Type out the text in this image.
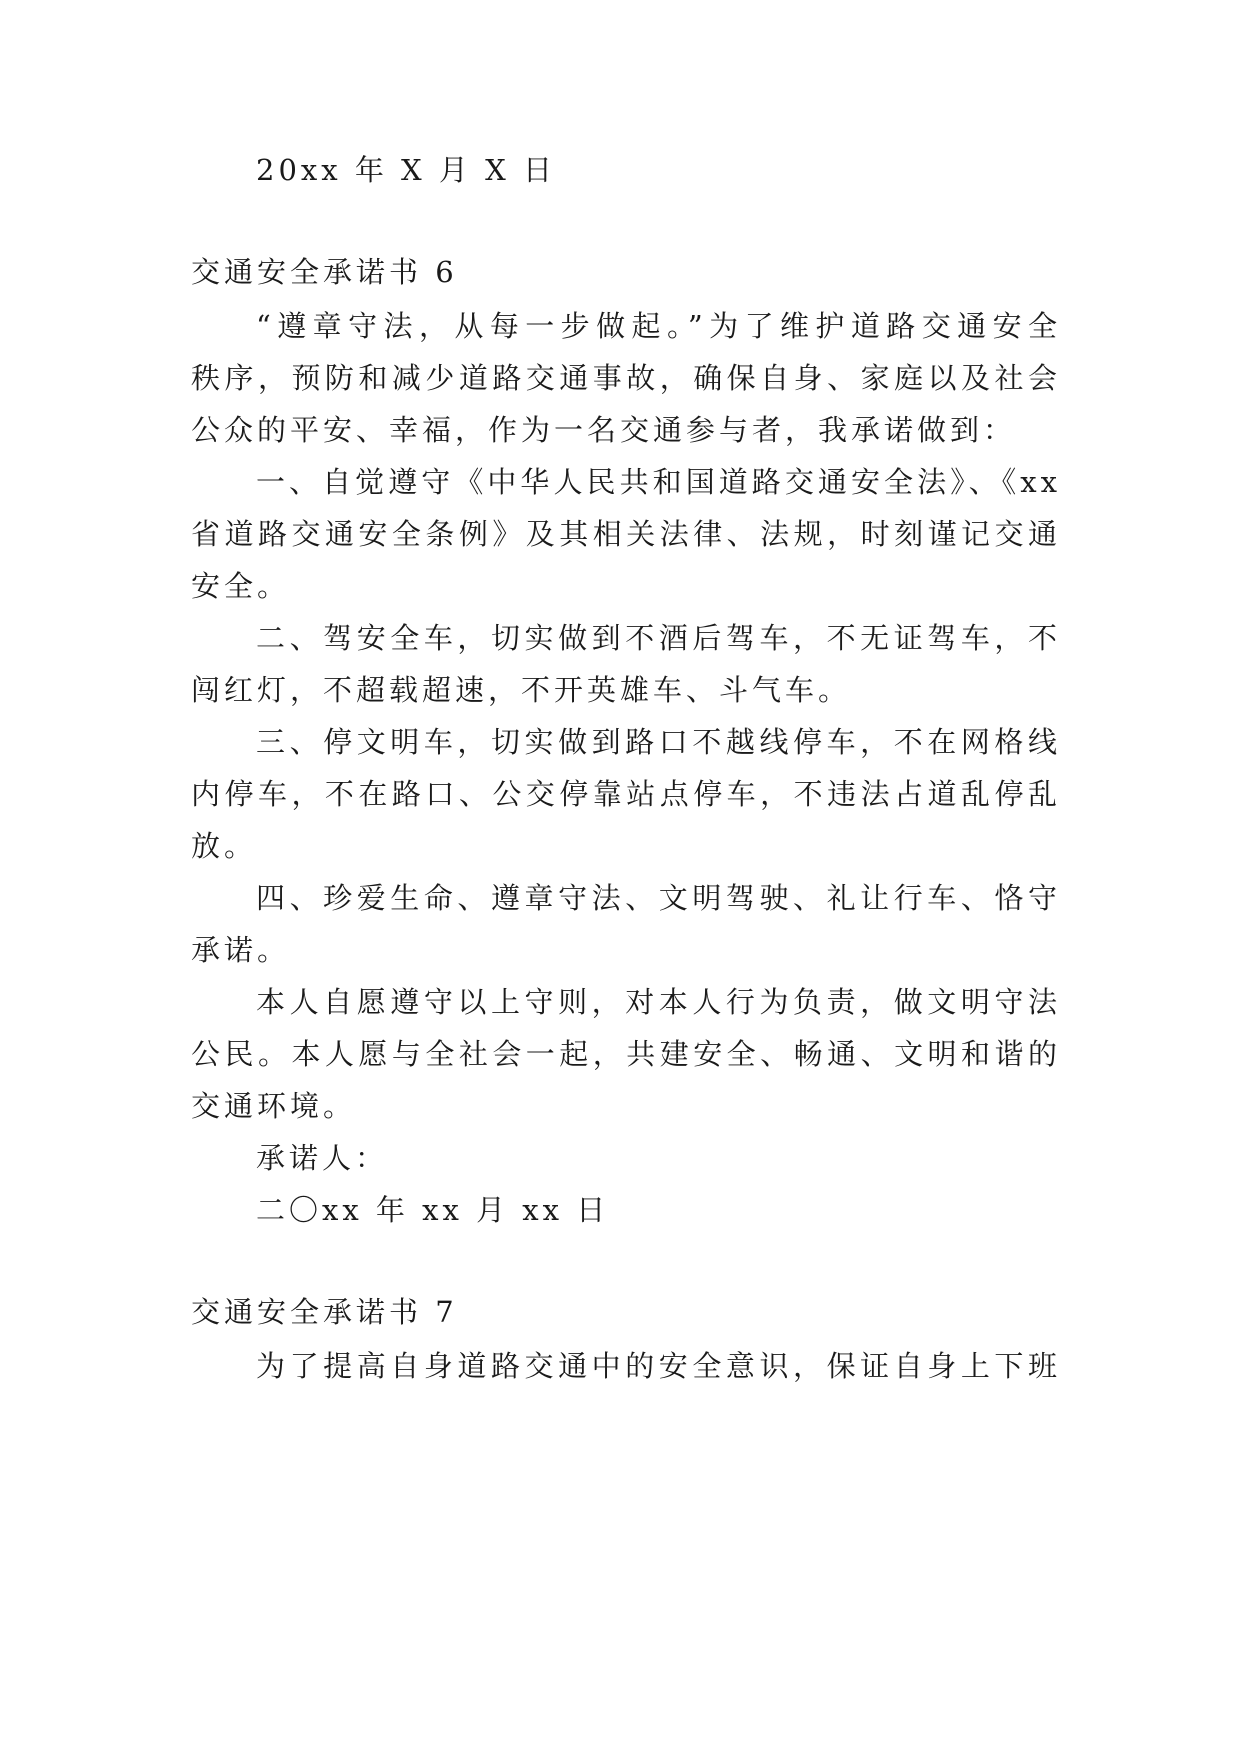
20xx 年 X 月 X 日
交通安全承诺书 6
“遵章守法，从每一步做起。”为了维护道路交通安全
秩序，预防和减少道路交通事故，确保自身、家庭以及社会
公众的平安、幸福，作为一名交通参与者，我承诺做到：
一、自觉遵守《中华人民共和国道路交通安全法》、《xx
省道路交通安全条例》及其相关法律、法规，时刻谨记交通
安全。
二、驾安全车，切实做到不酒后驾车，不无证驾车，不
闯红灯，不超载超速，不开英雄车、斗气车。
三、停文明车，切实做到路口不越线停车，不在网格线
内停车，不在路口、公交停靠站点停车，不违法占道乱停乱
放。
四、珍爱生命、遵章守法、文明驾驶、礼让行车、恪守
承诺。
本人自愿遵守以上守则，对本人行为负责，做文明守法
公民。本人愿与全社会一起，共建安全、畅通、文明和谐的
交通环境。
承诺人：
二〇xx 年 xx 月 xx 日
交通安全承诺书 7
为了提高自身道路交通中的安全意识，保证自身上下班
